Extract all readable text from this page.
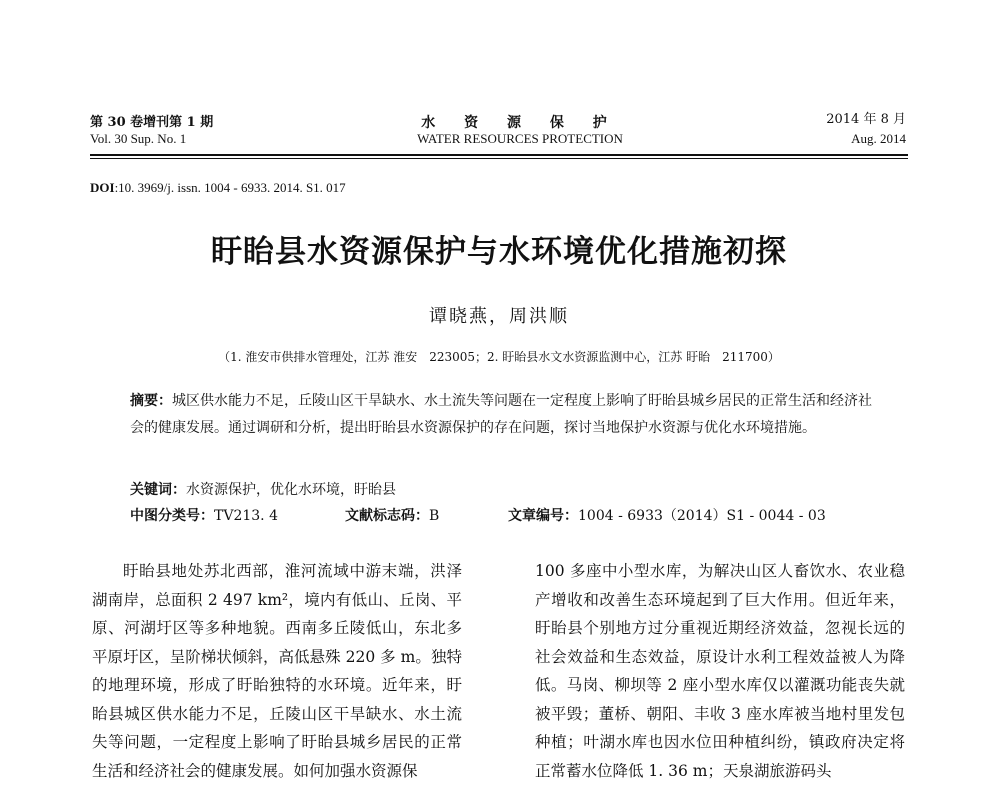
第 30 卷增刊第 1 期
Vol. 30 Sup. No. 1
水 资 源 保 护
WATER RESOURCES PROTECTION
2014 年 8 月
Aug. 2014
DOI:10. 3969/j. issn. 1004 - 6933. 2014. S1. 017
盱眙县水资源保护与水环境优化措施初探
谭晓燕，周洪顺
（1. 淮安市供排水管理处，江苏 淮安　223005；2. 盱眙县水文水资源监测中心，江苏 盱眙　211700）
摘要：城区供水能力不足，丘陵山区干旱缺水、水土流失等问题在一定程度上影响了盱眙县城乡居民的正常生活和经济社会的健康发展。通过调研和分析，提出盱眙县水资源保护的存在问题，探讨当地保护水资源与优化水环境措施。
关键词：水资源保护，优化水环境，盱眙县
中图分类号：TV213. 4	文献标志码：B	文章编号：1004 - 6933（2014）S1 - 0044 - 03
盱眙县地处苏北西部，淮河流域中游末端，洪泽湖南岸，总面积 2 497 km²，境内有低山、丘岗、平原、河湖圩区等多种地貌。西南多丘陵低山，东北多平原圩区，呈阶梯状倾斜，高低悬殊 220 多 m。独特的地理环境，形成了盱眙独特的水环境。近年来，盱眙县城区供水能力不足，丘陵山区干旱缺水、水土流失等问题，一定程度上影响了盱眙县城乡居民的正常生活和经济社会的健康发展。如何加强水资源保
100 多座中小型水库，为解决山区人畜饮水、农业稳产增收和改善生态环境起到了巨大作用。但近年来，盱眙县个别地方过分重视近期经济效益，忽视长远的社会效益和生态效益，原设计水利工程效益被人为降低。马岗、柳坝等 2 座小型水库仅以灌溉功能丧失就被平毁；董桥、朝阳、丰收 3 座水库被当地村里发包种植；叶湖水库也因水位田种植纠纷，镇政府决定将正常蓄水位降低 1. 36 m；天泉湖旅游码头
